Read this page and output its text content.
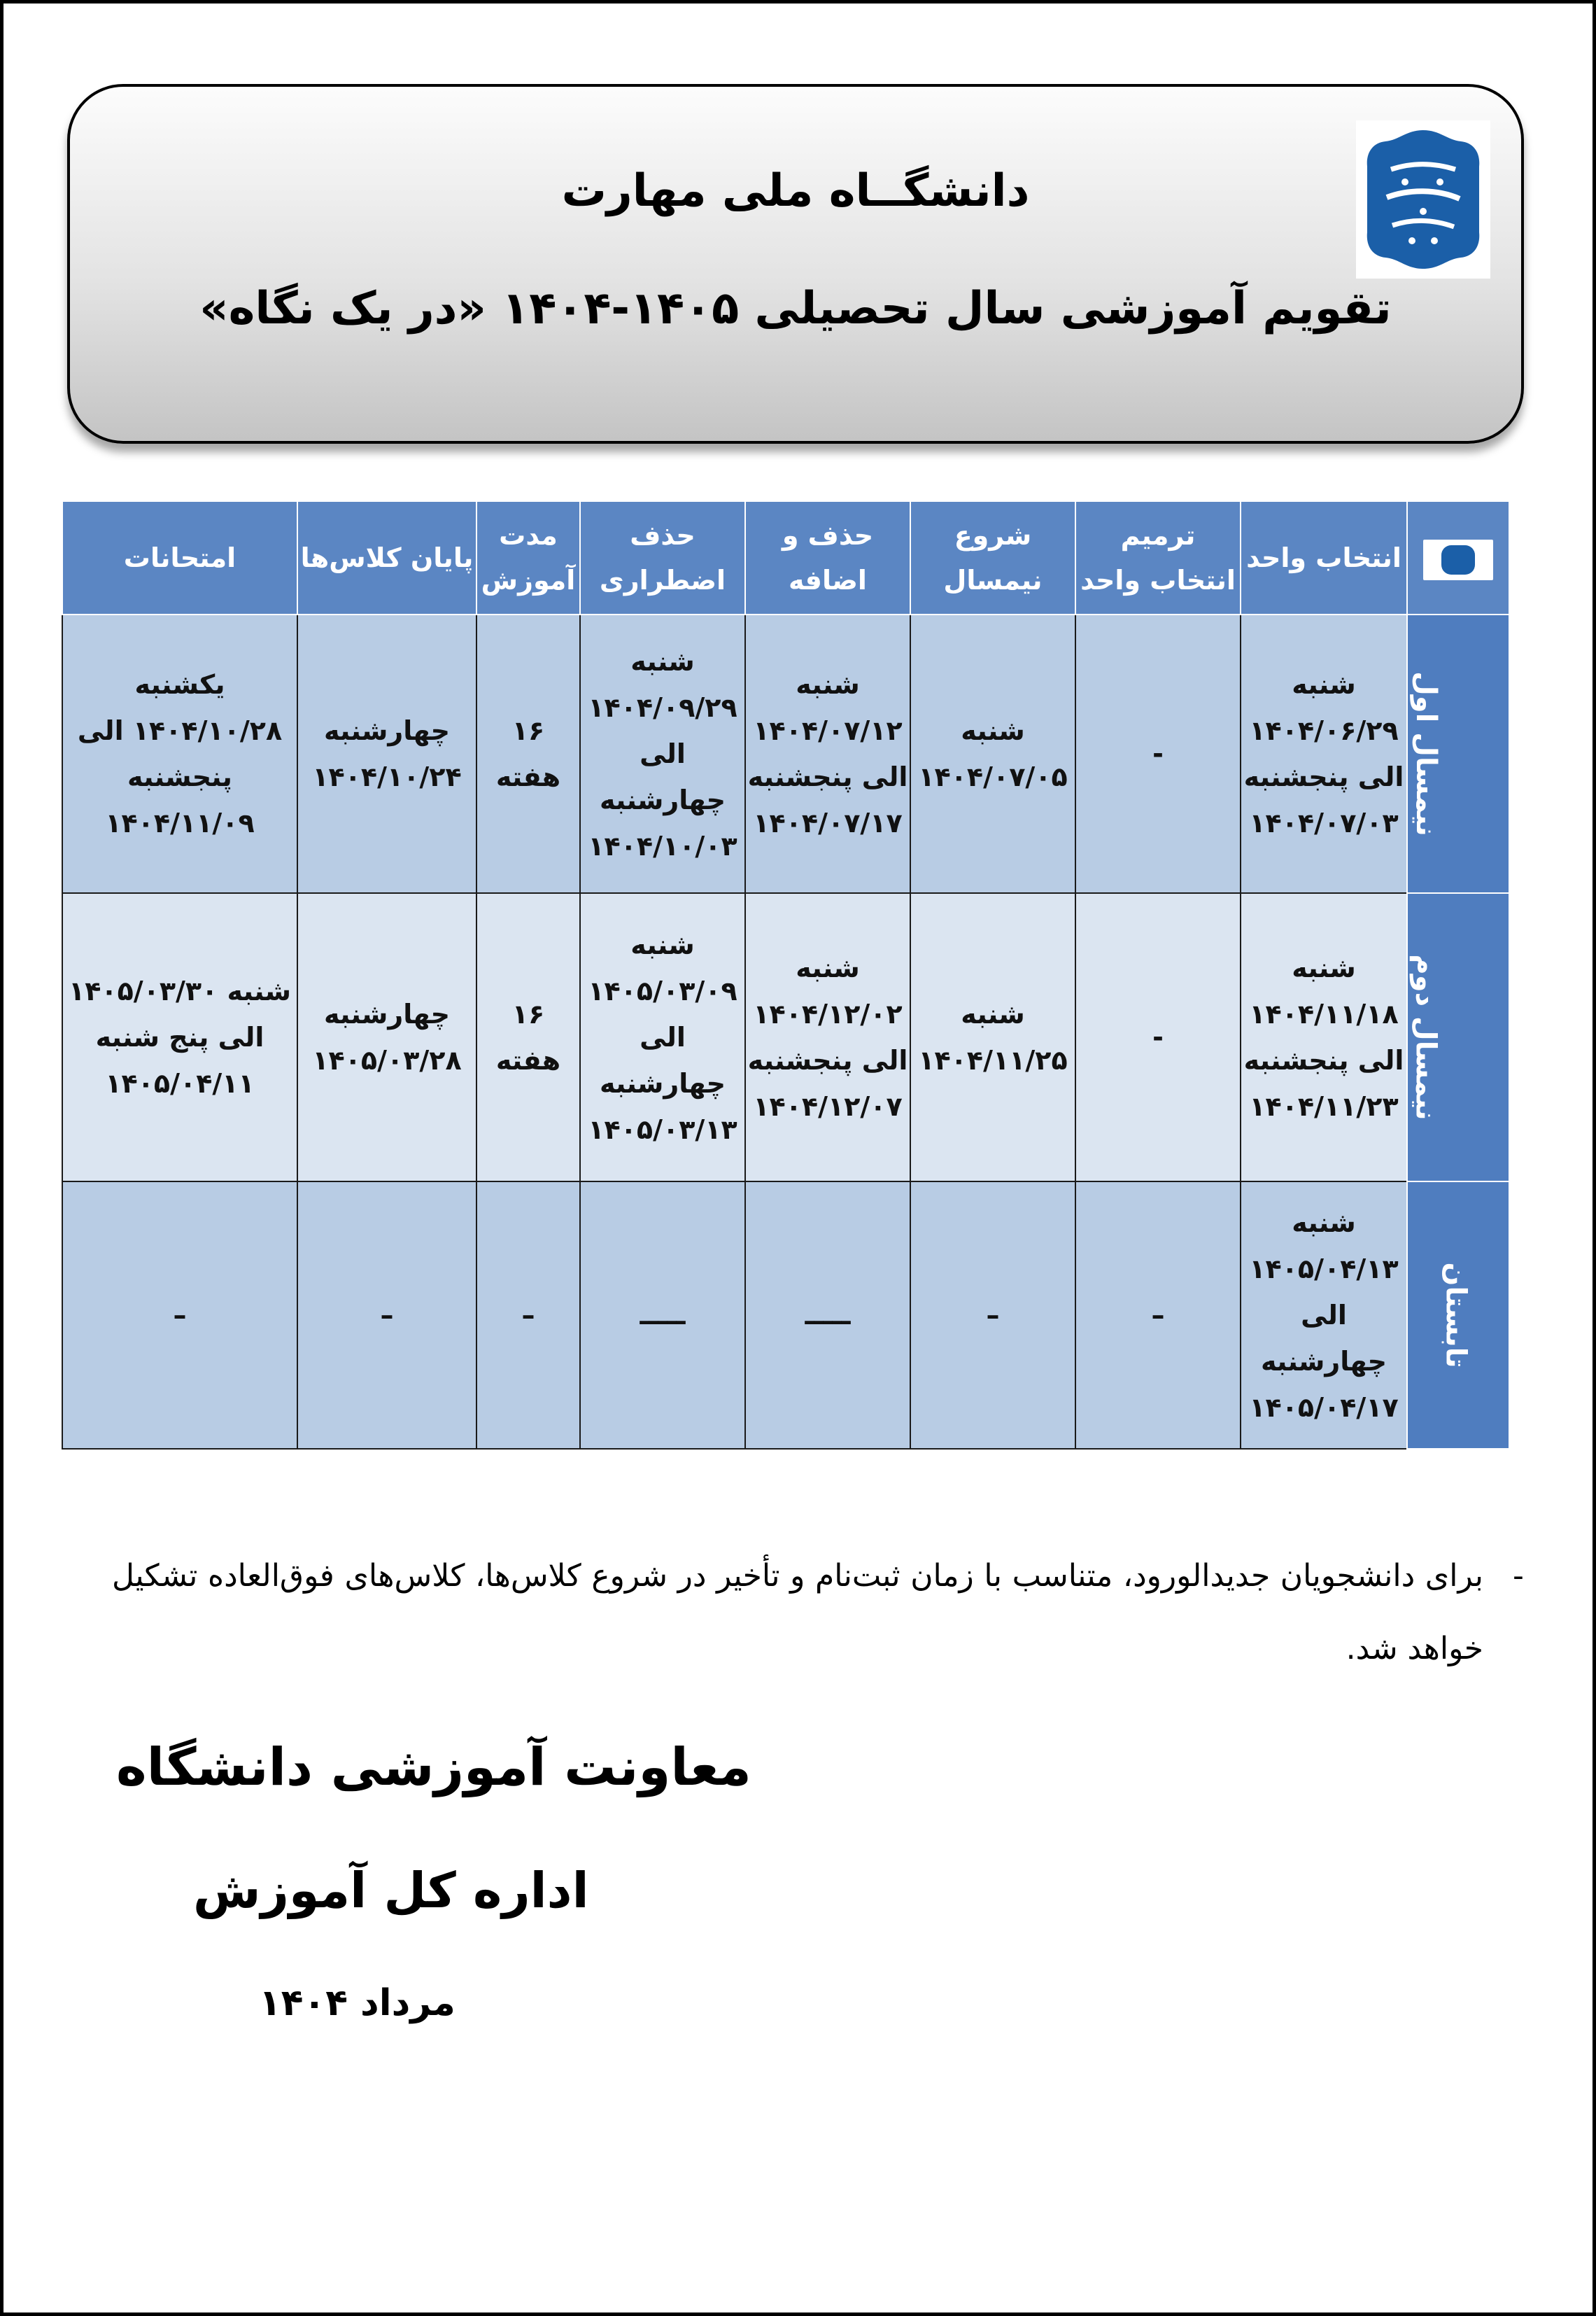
دانشگــاه ملی مهارت
تقویم آموزشی سال تحصیلی ۱۴۰۵-۱۴۰۴ «در یک نگاه»
	انتخاب واحد	ترمیم انتخاب واحد	شروع نیمسال	حذف و اضافه	حذف اضطراری	مدت آموزش	پایان کلاس‌ها	امتحانات
نیمسال اول	شنبه ۱۴۰۴/۰۶/۲۹ الی پنجشنبه ۱۴۰۴/۰۷/۰۳	-	شنبه ۱۴۰۴/۰۷/۰۵	شنبه ۱۴۰۴/۰۷/۱۲ الی پنجشنبه ۱۴۰۴/۰۷/۱۷	شنبه ۱۴۰۴/۰۹/۲۹ الی چهارشنبه ۱۴۰۴/۱۰/۰۳	۱۶ هفته	چهارشنبه ۱۴۰۴/۱۰/۲۴	یکشنبه ۱۴۰۴/۱۰/۲۸ الی پنجشنبه ۱۴۰۴/۱۱/۰۹
نیمسال دوم	شنبه ۱۴۰۴/۱۱/۱۸ الی پنجشنبه ۱۴۰۴/۱۱/۲۳	-	شنبه ۱۴۰۴/۱۱/۲۵	شنبه ۱۴۰۴/۱۲/۰۲ الی پنجشنبه ۱۴۰۴/۱۲/۰۷	شنبه ۱۴۰۵/۰۳/۰۹ الی چهارشنبه ۱۴۰۵/۰۳/۱۳	۱۶ هفته	چهارشنبه ۱۴۰۵/۰۳/۲۸	شنبه ۱۴۰۵/۰۳/۳۰ الی پنج شنبه ۱۴۰۵/۰۴/۱۱
تابستان	شنبه ۱۴۰۵/۰۴/۱۳ الی چهارشنبه ۱۴۰۵/۰۴/۱۷	–	–	ـــــ	ـــــ	–	–	–
-
برای دانشجویان جدیدالورود، متناسب با زمان ثبت‌نام و تأخیر در شروع کلاس‌ها، کلاس‌های فوق‌العاده تشکیل خواهد شد.
معاونت آموزشی دانشگاه
اداره کل آموزش
مرداد ۱۴۰۴
